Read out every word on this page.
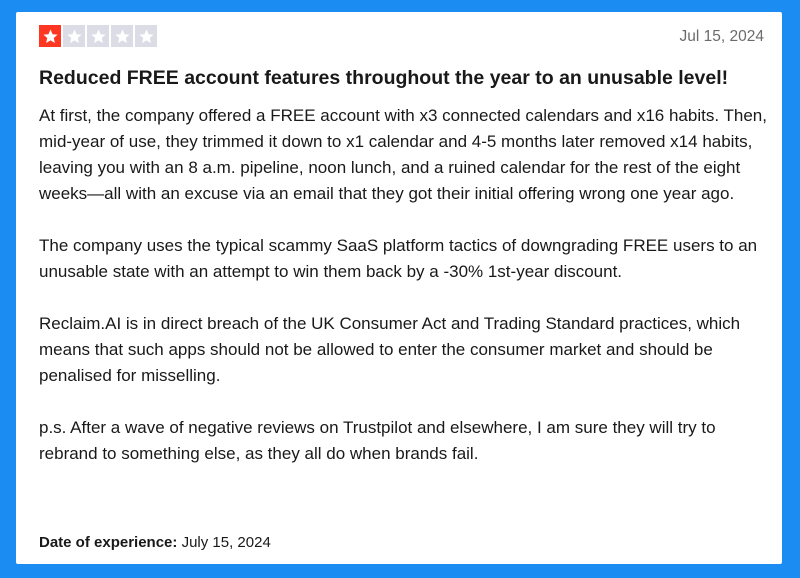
Jul 15, 2024
Reduced FREE account features throughout the year to an unusable level!

At first, the company offered a FREE account with x3 connected calendars and x16 habits. Then, mid-year of use, they trimmed it down to x1 calendar and 4-5 months later removed x14 habits, leaving you with an 8 a.m. pipeline, noon lunch, and a ruined calendar for the rest of the eight weeks—all with an excuse via an email that they got their initial offering wrong one year ago.

The company uses the typical scammy SaaS platform tactics of downgrading FREE users to an unusable state with an attempt to win them back by a -30% 1st-year discount.

Reclaim.AI is in direct breach of the UK Consumer Act and Trading Standard practices, which means that such apps should not be allowed to enter the consumer market and should be penalised for misselling.

p.s. After a wave of negative reviews on Trustpilot and elsewhere, I am sure they will try to rebrand to something else, as they all do when brands fail.

Date of experience: July 15, 2024
